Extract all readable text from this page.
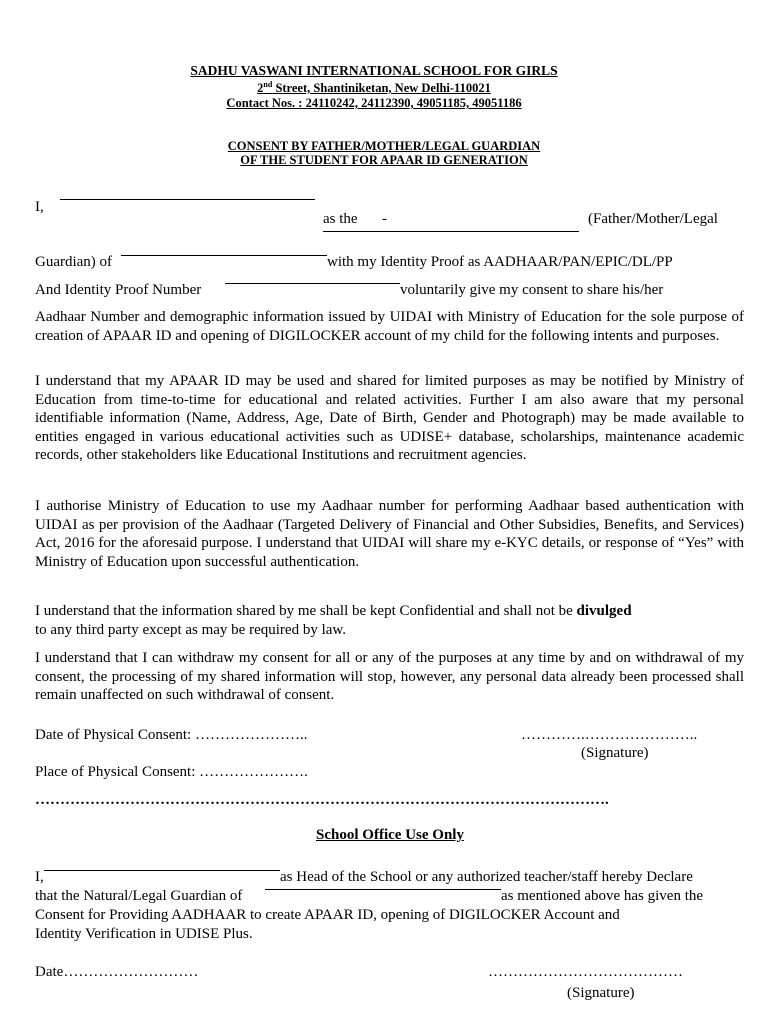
SADHU VASWANI INTERNATIONAL SCHOOL FOR GIRLS
2nd Street, Shantiniketan, New Delhi-110021
Contact Nos. : 24110242, 24112390, 49051185, 49051186
CONSENT BY FATHER/MOTHER/LEGAL GUARDIAN
OF THE STUDENT FOR APAAR ID GENERATION
I,
as the -	(Father/Mother/Legal
Guardian) of	with my Identity Proof as AADHAAR/PAN/EPIC/DL/PP
And Identity Proof Number	voluntarily give my consent to share his/her
Aadhaar Number and demographic information issued by UIDAI with Ministry of Education for the sole purpose of creation of APAAR ID and opening of DIGILOCKER account of my child for the following intents and purposes.
I understand that my APAAR ID may be used and shared for limited purposes as may be notified by Ministry of Education from time-to-time for educational and related activities. Further I am also aware that my personal identifiable information (Name, Address, Age, Date of Birth, Gender and Photograph) may be made available to entities engaged in various educational activities such as UDISE+ database, scholarships, maintenance academic records, other stakeholders like Educational Institutions and recruitment agencies.
I authorise Ministry of Education to use my Aadhaar number for performing Aadhaar based authentication with UIDAI as per provision of the Aadhaar (Targeted Delivery of Financial and Other Subsidies, Benefits, and Services) Act, 2016 for the aforesaid purpose. I understand that UIDAI will share my e-KYC details, or response of “Yes” with Ministry of Education upon successful authentication.
I understand that the information shared by me shall be kept Confidential and shall not be divulged
to any third party except as may be required by law.
I understand that I can withdraw my consent for all or any of the purposes at any time by and on withdrawal of my consent, the processing of my shared information will stop, however, any personal data already been processed shall remain unaffected on such withdrawal of consent.
Date of Physical Consent: …………………..	………….…………………..
(Signature)
Place of Physical Consent: ………………….
…………………………………………………………………………………………………….
School Office Use Only
I,	as Head of the School or any authorized teacher/staff hereby Declare
that the Natural/Legal Guardian of	as mentioned above has given the
Consent for Providing AADHAAR to create APAAR ID, opening of DIGILOCKER Account and
Identity Verification in UDISE Plus.
Date………………………	…………………………………
(Signature)
